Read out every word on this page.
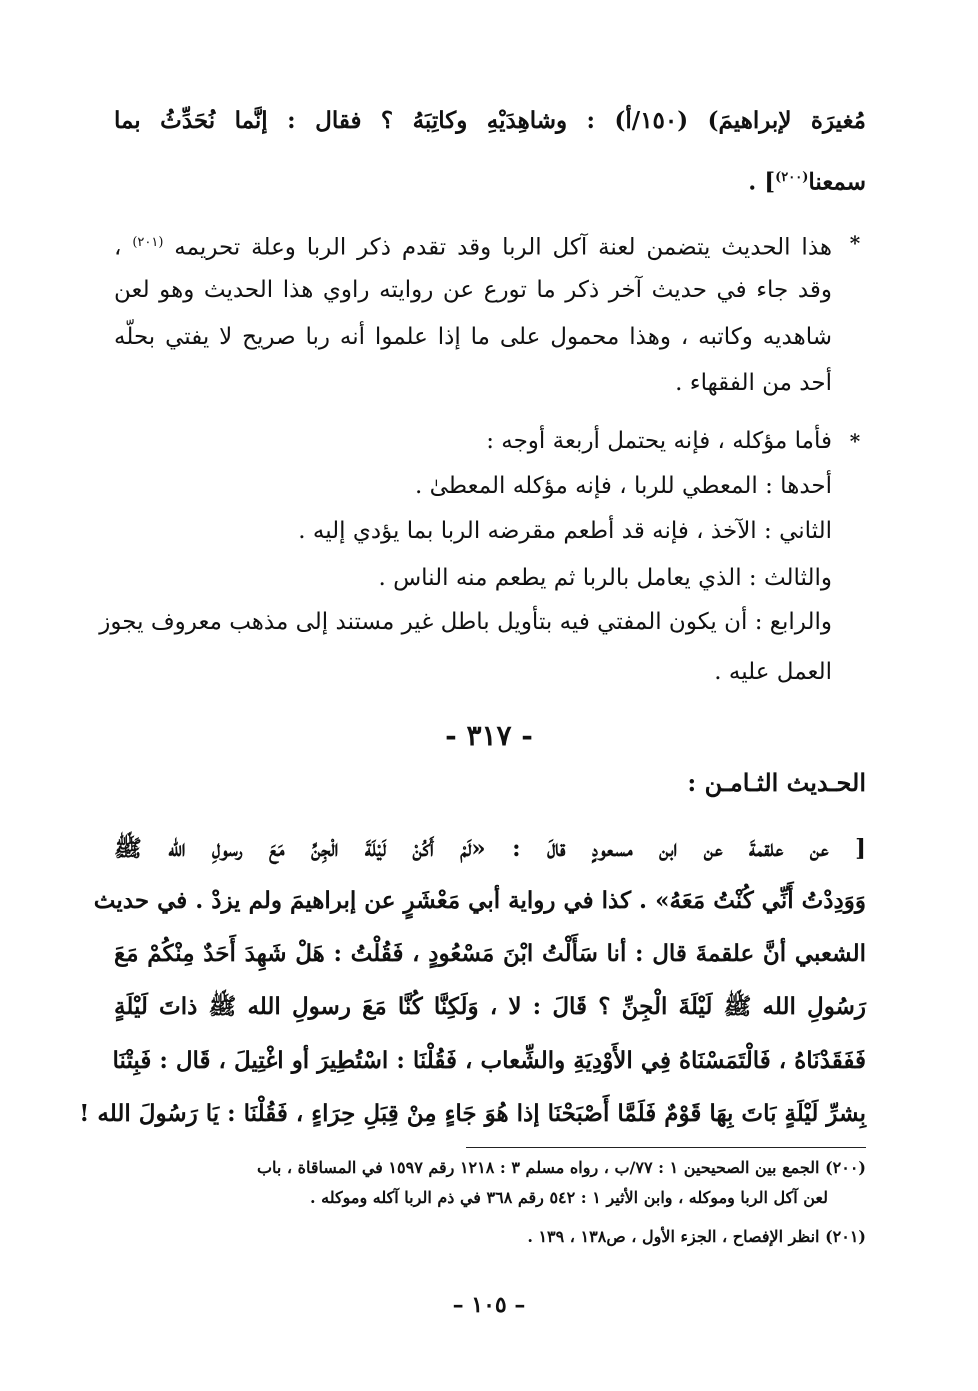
مُغيرَة لإبراهيمَ) (١٥٠/أ) : وشاهِدَيْهِ وكاتِبَهُ ؟ فقال : إنَّما نُحَدِّثُ بما
سمعنا$^{(٢٠٠)}$] .
*
هذا الحديث يتضمن لعنة آكل الربا وقد تقدم ذكر الربا وعلة تحريمه $^{(٢٠١)}$ ،
وقد جاء في حديث آخر ذكر ما تورع عن روايته راوي هذا الحديث وهو لعن
شاهديه وكاتبه ، وهذا محمول على ما إذا علموا أنه ربا صريح لا يفتي بحلّه
أحد من الفقهاء .
*
فأما مؤكله ، فإنه يحتمل أربعة أوجه :
أحدها : المعطي للربا ، فإنه مؤكله المعطىٰ .
الثاني : الآخذ ، فإنه قد أطعم مقرضه الربا بما يؤدي إليه .
والثالث : الذي يعامل بالربا ثم يطعم منه الناس .
والرابع : أن يكون المفتي فيه بتأويل باطل غير مستند إلى مذهب معروف يجوز
العمل عليه .
- ٣١٧ -
الحـديث الثـامـن :
[ عن علقمةَ عن ابن مسعودٍ قالَ : «لَمْ أَكُنْ لَيْلَةَ الْجِنِّ مَعَ رسولِ الله ﷺ
وَوَدِدْتُ أَنِّي كُنْتُ مَعَهُ» . كذا في رواية أبي مَعْشَرٍ عن إبراهيمَ ولم يزدْ . في حديث
الشعبي أنَّ علقمةَ قال : أنا سَأَلْتُ ابْنَ مَسْعُودٍ ، فَقُلْتُ : هَلْ شَهِدَ أَحَدٌ مِنْكُمْ مَعَ
رَسُولِ الله ﷺ لَيْلَةَ الْجِنِّ ؟ قَالَ : لا ، وَلَكِنَّا كُنَّا مَعَ رسولِ الله ﷺ ذاتَ لَيْلَةٍ
فَفَقَدْنَاهُ ، فَالْتَمَسْنَاهُ فِي الأَوْدِيَةِ والشِّعاب ، فَقُلْنَا : اسْتُطِيرَ أو اغْتِيلَ ، قَال : فَبِتْنَا
بِشرِّ لَيْلَةٍ بَاتَ بِهَا قَوْمٌ فَلَمَّا أَصْبَحْنَا إذا هُوَ جَاءٍ مِنْ قِبَلِ حِرَاءٍ ، فَقُلْنَا : يَا رَسُولَ الله !
(٢٠٠) الجمع بين الصحيحين ١ : ٧٧/ب ، رواه مسلم ٣ : ١٢١٨ رقم ١٥٩٧ في المساقاة ، باب
لعن آكل الربا وموكله ، وابن الأثير ١ : ٥٤٢ رقم ٣٦٨ في ذم الربا آكله وموكله .
(٢٠١) انظر الإفصاح ، الجزء الأول ، ص١٣٨ ، ١٣٩ .
– ١٠٥ –
